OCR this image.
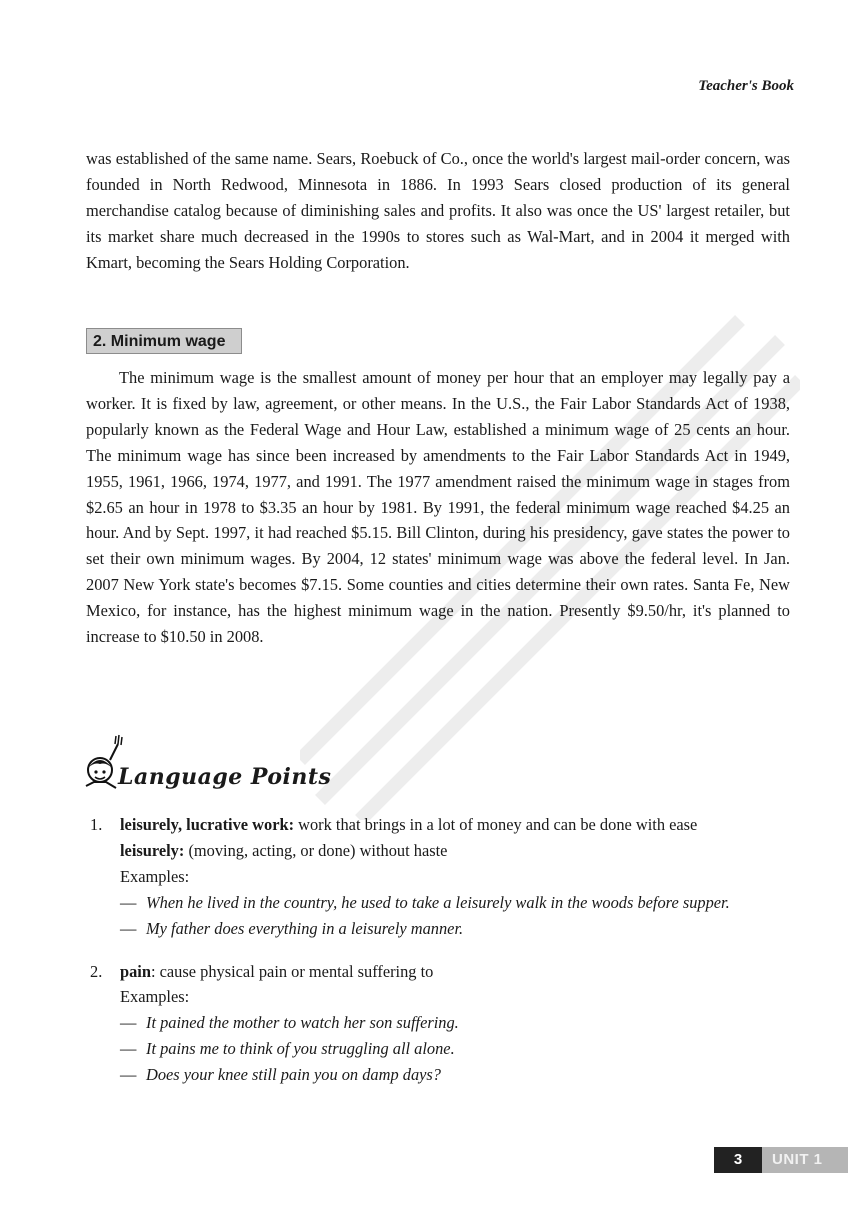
Teacher's Book
was established of the same name. Sears, Roebuck of Co., once the world's largest mail-order concern, was founded in North Redwood, Minnesota in 1886. In 1993 Sears closed production of its general merchandise catalog because of diminishing sales and profits. It also was once the US' largest retailer, but its market share much decreased in the 1990s to stores such as Wal-Mart, and in 2004 it merged with Kmart, becoming the Sears Holding Corporation.
2. Minimum wage
The minimum wage is the smallest amount of money per hour that an employer may legally pay a worker. It is fixed by law, agreement, or other means. In the U.S., the Fair Labor Standards Act of 1938, popularly known as the Federal Wage and Hour Law, established a minimum wage of 25 cents an hour. The minimum wage has since been increased by amendments to the Fair Labor Standards Act in 1949, 1955, 1961, 1966, 1974, 1977, and 1991. The 1977 amendment raised the minimum wage in stages from $2.65 an hour in 1978 to $3.35 an hour by 1981. By 1991, the federal minimum wage reached $4.25 an hour. And by Sept. 1997, it had reached $5.15. Bill Clinton, during his presidency, gave states the power to set their own minimum wages. By 2004, 12 states' minimum wage was above the federal level. In Jan. 2007 New York state's becomes $7.15. Some counties and cities determine their own rates. Santa Fe, New Mexico, for instance, has the highest minimum wage in the nation. Presently $9.50/hr, it's planned to increase to $10.50 in 2008.
Language Points
1. leisurely, lucrative work: work that brings in a lot of money and can be done with ease
leisurely: (moving, acting, or done) without haste
Examples:
— When he lived in the country, he used to take a leisurely walk in the woods before supper.
— My father does everything in a leisurely manner.
2. pain: cause physical pain or mental suffering to
Examples:
— It pained the mother to watch her son suffering.
— It pains me to think of you struggling all alone.
— Does your knee still pain you on damp days?
3	UNIT 1
